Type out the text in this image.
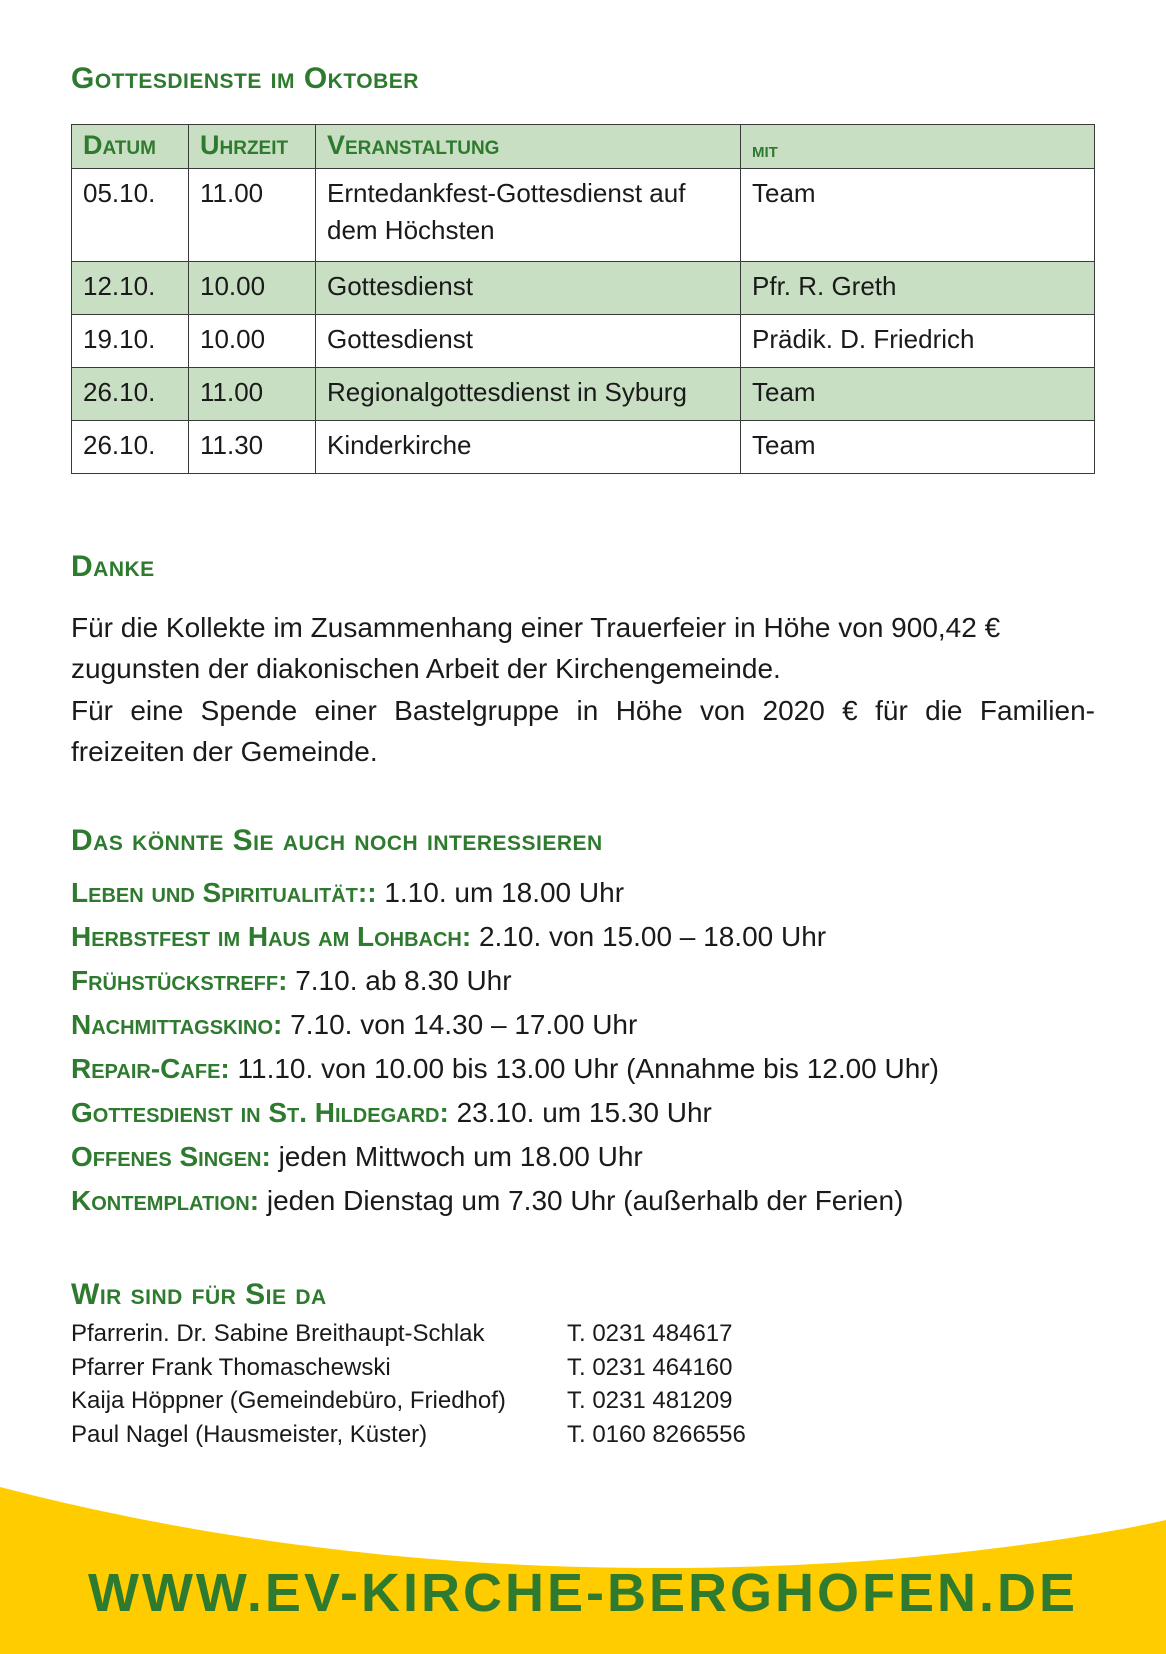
Gottesdienste im Oktober
Datum	Uhrzeit	Veranstaltung	mit
05.10.	11.00	Erntedankfest-Gottesdienst auf dem Höchsten	Team
12.10.	10.00	Gottesdienst	Pfr. R. Greth
19.10.	10.00	Gottesdienst	Prädik. D. Friedrich
26.10.	11.00	Regionalgottesdienst in Syburg	Team
26.10.	11.30	Kinderkirche	Team
Danke

Für die Kollekte im Zusammenhang einer Trauerfeier in Höhe von 900,42 € zugunsten der diakonischen Arbeit der Kirchengemeinde.

Für eine Spende einer Bastelgruppe in Höhe von 2020 € für die Familien-

freizeiten der Gemeinde.

Das könnte Sie auch noch interessieren
Leben und Spiritualität:: 1.10. um 18.00 Uhr
Herbstfest im Haus am Lohbach: 2.10. von 15.00 – 18.00 Uhr
Frühstückstreff: 7.10. ab 8.30 Uhr
Nachmittagskino: 7.10. von 14.30 – 17.00 Uhr
Repair-Cafe: 11.10. von 10.00 bis 13.00 Uhr (Annahme bis 12.00 Uhr)
Gottesdienst in St. Hildegard: 23.10. um 15.30 Uhr
Offenes Singen: jeden Mittwoch um 18.00 Uhr
Kontemplation: jeden Dienstag um 7.30 Uhr (außerhalb der Ferien)
Wir sind für Sie da
Pfarrerin. Dr. Sabine Breithaupt-Schlak	T. 0231 484617
Pfarrer Frank Thomaschewski	T. 0231 464160
Kaija Höppner (Gemeindebüro, Friedhof)	T. 0231 481209
Paul Nagel (Hausmeister, Küster)	T. 0160 8266556
WWW.EV-KIRCHE-BERGHOFEN.DE
